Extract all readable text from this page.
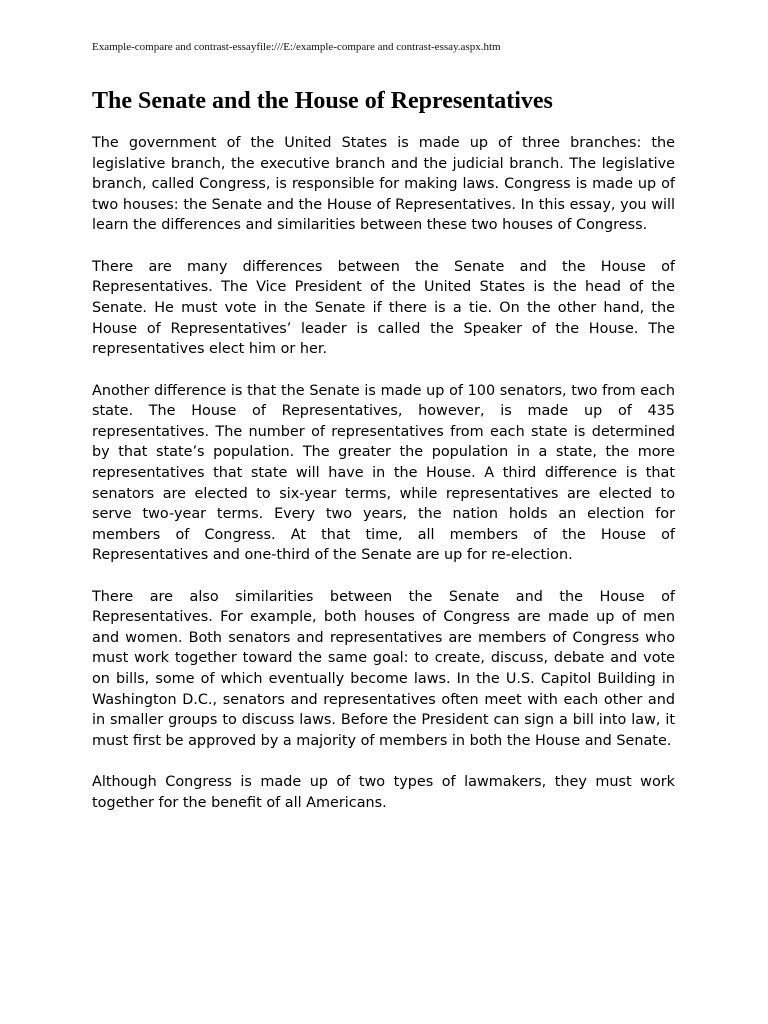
Example-compare and contrast-essayfile:///E:/example-compare and contrast-essay.aspx.htm
The Senate and the House of Representatives

The government of the United States is made up of three branches: the legislative branch, the executive branch and the judicial branch. The legislative branch, called Congress, is responsible for making laws. Congress is made up of two houses: the Senate and the House of Representatives. In this essay, you will learn the differences and similarities between these two houses of Congress.

There are many differences between the Senate and the House of Representatives. The Vice President of the United States is the head of the Senate. He must vote in the Senate if there is a tie. On the other hand, the House of Representatives’ leader is called the Speaker of the House. The representatives elect him or her.

Another difference is that the Senate is made up of 100 senators, two from each state. The House of Representatives, however, is made up of 435 representatives. The number of representatives from each state is determined by that state’s population. The greater the population in a state, the more representatives that state will have in the House. A third difference is that senators are elected to six-year terms, while representatives are elected to serve two-year terms. Every two years, the nation holds an election for members of Congress. At that time, all members of the House of Representatives and one-third of the Senate are up for re-election.

There are also similarities between the Senate and the House of Representatives. For example, both houses of Congress are made up of men and women. Both senators and representatives are members of Congress who must work together toward the same goal: to create, discuss, debate and vote on bills, some of which eventually become laws. In the U.S. Capitol Building in Washington D.C., senators and representatives often meet with each other and in smaller groups to discuss laws. Before the President can sign a bill into law, it must first be approved by a majority of members in both the House and Senate.

Although Congress is made up of two types of lawmakers, they must work together for the benefit of all Americans.
